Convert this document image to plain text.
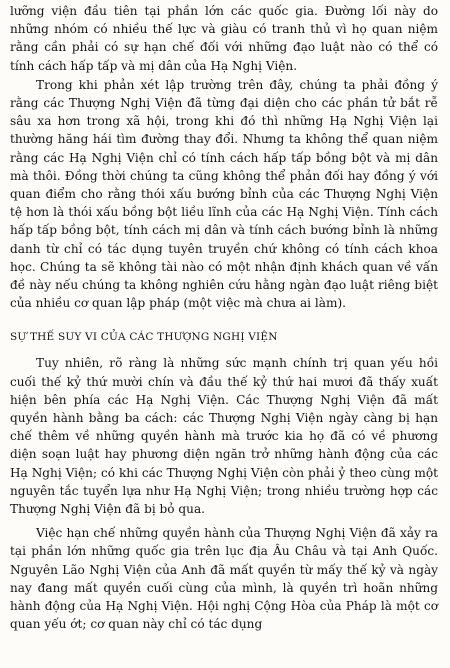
lưỡng viện đầu tiên tại phần lớn các quốc gia. Đường lối này do những nhóm có nhiều thế lực và giàu có tranh thủ vì họ quan niệm rằng cần phải có sự hạn chế đối với những đạo luật nào có thể có tính cách hấp tấp và mị dân của Hạ Nghị Viện.

Trong khi phản xét lập trường trên đây, chúng ta phải đồng ý rằng các Thượng Nghị Viện đã từng đại diện cho các phần tử bắt rễ sâu xa hơn trong xã hội, trong khi đó thì những Hạ Nghị Viện lại thường hăng hái tìm đường thay đổi. Nhưng ta không thể quan niệm rằng các Hạ Nghị Viện chỉ có tính cách hấp tấp bồng bột và mị dân mà thôi. Đồng thời chúng ta cũng không thể phản đối hay đồng ý với quan điểm cho rằng thói xấu bướng bỉnh của các Thượng Nghị Viện tệ hơn là thói xấu bồng bột liều lĩnh của các Hạ Nghị Viện. Tính cách hấp tấp bồng bột, tính cách mị dân và tính cách bướng bỉnh là những danh từ chỉ có tác dụng tuyên truyền chứ không có tính cách khoa học. Chúng ta sẽ không tài nào có một nhận định khách quan về vấn đề này nếu chúng ta không nghiên cứu hằng ngàn đạo luật riêng biệt của nhiều cơ quan lập pháp (một việc mà chưa ai làm).

SỰ THẾ SUY VI CỦA CÁC THƯỢNG NGHỊ VIỆN

Tuy nhiên, rõ ràng là những sức mạnh chính trị quan yếu hồi cuối thế kỷ thứ mười chín và đầu thế kỷ thứ hai mươi đã thấy xuất hiện bên phía các Hạ Nghị Viện. Các Thượng Nghị Viện đã mất quyền hành bằng ba cách: các Thượng Nghị Viện ngày càng bị hạn chế thêm về những quyền hành mà trước kia họ đã có về phương diện soạn luật hay phương diện ngăn trở những hành động của các Hạ Nghị Viện; có khi các Thượng Nghị Viện còn phải ỷ theo cùng một nguyên tắc tuyển lựa như Hạ Nghị Viện; trong nhiều trường hợp các Thượng Nghị Viện đã bị bỏ qua.

Việc hạn chế những quyền hành của Thượng Nghị Viện đã xảy ra tại phần lớn những quốc gia trên lục địa Âu Châu và tại Anh Quốc. Nguyên Lão Nghị Viện của Anh đã mất quyền từ mấy thế kỷ và ngày nay đang mất quyền cuối cùng của mình, là quyền trì hoãn những hành động của Hạ Nghị Viện. Hội nghị Cộng Hòa của Pháp là một cơ quan yếu ớt; cơ quan này chỉ có tác dụng
